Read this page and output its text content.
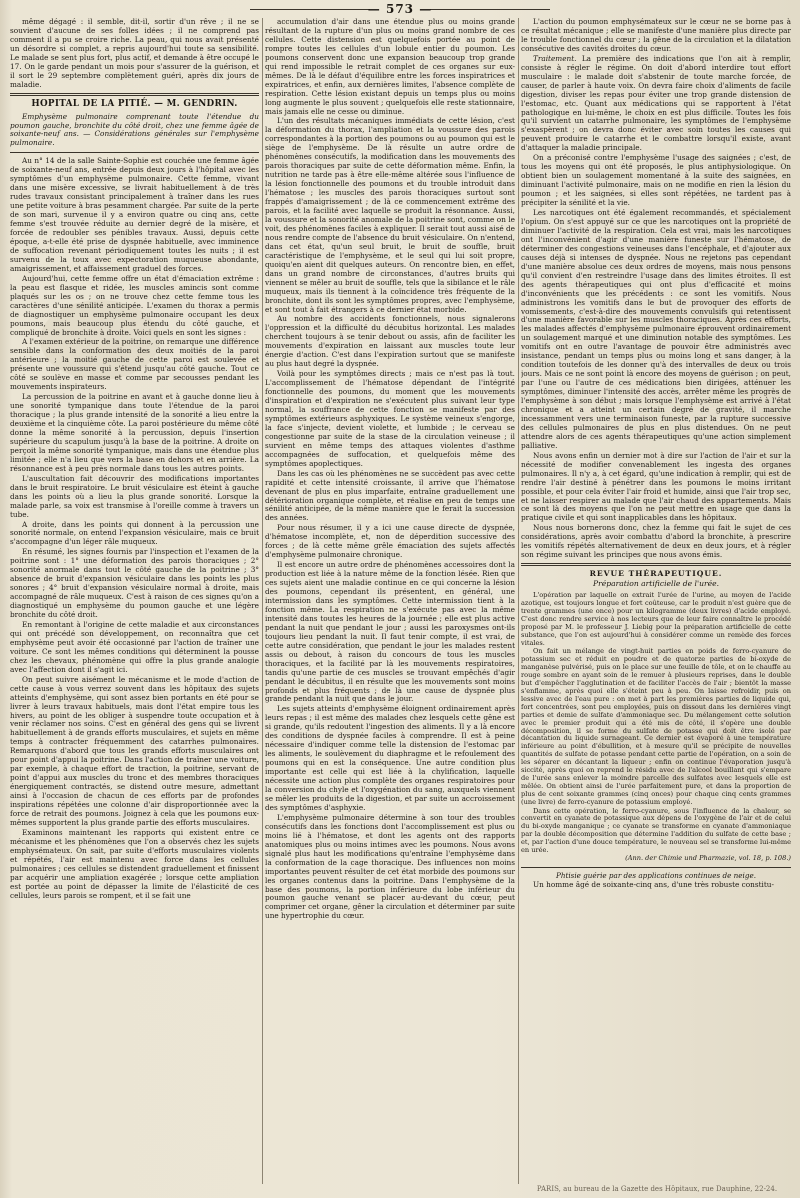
— 573 —

même dégagé : il semble, dit-il, sortir d'un rêve ; il ne se souvient d'aucune de ses folles idées ; il ne comprend pas comment il a pu se croire riche. La peau, qui nous avait présenté un désordre si complet, a repris aujourd'hui toute sa sensibilité. Le malade se sent plus fort, plus actif, et demande à être occupé le 17. On le garde pendant un mois pour s'assurer de la guérison, et il sort le 29 septembre complètement guéri, après dix jours de maladie.

HOPITAL DE LA PITIÉ. — M. GENDRIN.

Emphysème pulmonaire comprenant toute l'étendue du poumon gauche, bronchite du côté droit, chez une femme âgée de soixante-neuf ans. — Considérations générales sur l'emphysème pulmonaire.

Au n° 14 de la salle Sainte-Sophie est couchée une femme âgée de soixante-neuf ans, entrée depuis deux jours à l'hôpital avec les symptômes d'un emphysème pulmonaire. Cette femme, vivant dans une misère excessive, se livrait habituellement à de très rudes travaux consistant principalement à traîner dans les rues une petite voiture à bras pesamment chargée. Par suite de la perte de son mari, survenue il y a environ quatre ou cinq ans, cette femme s'est trouvée réduite au dernier degré de la misère, et forcée de redoubler ses pénibles travaux. Aussi, depuis cette époque, a-t-elle été prise de dyspnée habituelle, avec imminence de suffocation revenant périodiquement toutes les nuits ; il est survenu de la toux avec expectoration muqueuse abondante, amaigrissement, et affaissement graduel des forces.

Aujourd'hui, cette femme offre un état d'émaciation extrême : la peau est flasque et ridée, les muscles amincis sont comme plaqués sur les os ; on ne trouve chez cette femme tous les caractères d'une sénilité anticipée. L'examen du thorax a permis de diagnostiquer un emphysème pulmonaire occupant les deux poumons, mais beaucoup plus étendu du côté gauche, et compliqué de bronchite à droite. Voici quels en sont les signes :

A l'examen extérieur de la poitrine, on remarque une différence sensible dans la conformation des deux moitiés de la paroi antérieure ; la moitié gauche de cette paroi est soulevée et présente une voussure qui s'étend jusqu'au côté gauche. Tout ce côté se soulève en masse et comme par secousses pendant les mouvements inspirateurs.

La percussion de la poitrine en avant et à gauche donne lieu à une sonorité tympanique dans toute l'étendue de la paroi thoracique ; la plus grande intensité de la sonorité a lieu entre la deuxième et la cinquième côte. La paroi postérieure du même côté donne la même sonorité à la percussion, depuis l'insertion supérieure du scapulum jusqu'à la base de la poitrine. A droite on perçoit la même sonorité tympanique, mais dans une étendue plus limitée ; elle n'a lieu que vers la base en dehors et en arrière. La résonnance est à peu près normale dans tous les autres points.

L'auscultation fait découvrir des modifications importantes dans le bruit respiratoire. Le bruit vésiculaire est éteint à gauche dans les points où a lieu la plus grande sonorité. Lorsque la malade parle, sa voix est transmise à l'oreille comme à travers un tube.

A droite, dans les points qui donnent à la percussion une sonorité normale, on entend l'expansion vésiculaire, mais ce bruit s'accompagne d'un léger râle muqueux.

En résumé, les signes fournis par l'inspection et l'examen de la poitrine sont : 1° une déformation des parois thoraciques ; 2° sonorité anormale dans tout le côté gauche de la poitrine ; 3° absence de bruit d'expansion vésiculaire dans les points les plus sonores ; 4° bruit d'expansion vésiculaire normal à droite, mais accompagné de râle muqueux. C'est à raison de ces signes qu'on a diagnostiqué un emphysème du poumon gauche et une légère bronchite du côté droit.

En remontant à l'origine de cette maladie et aux circonstances qui ont précédé son développement, on reconnaîtra que cet emphysème peut avoir été occasionné par l'action de traîner une voiture. Ce sont les mêmes conditions qui déterminent la pousse chez les chevaux, phénomène qui offre la plus grande analogie avec l'affection dont il s'agit ici.

On peut suivre aisément le mécanisme et le mode d'action de cette cause à vous verrez souvent dans les hôpitaux des sujets atteints d'emphysème, qui sont assez bien portants en été pour se livrer à leurs travaux habituels, mais dont l'état empire tous les hivers, au point de les obliger à suspendre toute occupation et à venir réclamer nos soins. C'est en général des gens qui se livrent habituellement à de grands efforts musculaires, et sujets en même temps à contracter fréquemment des catarrhes pulmonaires. Remarquons d'abord que tous les grands efforts musculaires ont pour point d'appui la poitrine. Dans l'action de traîner une voiture, par exemple, à chaque effort de traction, la poitrine, servant de point d'appui aux muscles du tronc et des membres thoraciques énergiquement contractés, se distend outre mesure, admettant ainsi à l'occasion de chacun de ces efforts par de profondes inspirations répétées une colonne d'air disproportionnée avec la force de retrait des poumons. Joignez à cela que les poumons eux-mêmes supportent la plus grande partie des efforts musculaires.

Examinons maintenant les rapports qui existent entre ce mécanisme et les phénomènes que l'on a observés chez les sujets emphysémateux. On sait, par suite d'efforts musculaires violents et répétés, l'air est maintenu avec force dans les cellules pulmonaires ; ces cellules se distendent graduellement et finissent par acquérir une ampliation exagérée ; lorsque cette ampliation est portée au point de dépasser la limite de l'élasticité de ces cellules, leurs parois se rompent, et il se fait une

accumulation d'air dans une étendue plus ou moins grande résultant de la rupture d'un plus ou moins grand nombre de ces cellules. Cette distension est quelquefois portée au point de rompre toutes les cellules d'un lobule entier du poumon. Les poumons conservent donc une expansion beaucoup trop grande qui rend impossible le retrait complet de ces organes sur eux-mêmes. De là le défaut d'équilibre entre les forces inspiratrices et expiratrices, et enfin, aux dernières limites, l'absence complète de respiration. Cette lésion existant depuis un temps plus ou moins long augmente le plus souvent ; quelquefois elle reste stationnaire, mais jamais elle ne cesse ou diminue.

L'un des résultats mécaniques immédiats de cette lésion, c'est la déformation du thorax, l'ampliation et la voussure des parois correspondantes à la portion des poumons ou au poumon qui est le siège de l'emphysème. De là résulte un autre ordre de phénomènes consécutifs, la modification dans les mouvements des parois thoraciques par suite de cette déformation même. Enfin, la nutrition ne tarde pas à être elle-même altérée sous l'influence de la lésion fonctionnelle des poumons et du trouble introduit dans l'hématose ; les muscles des parois thoraciques surtout sont frappés d'amaigrissement ; de là ce commencement extrême des parois, et la facilité avec laquelle se produit la résonnance. Aussi, la voussure et la sonorité anomale de la poitrine sont, comme on le voit, des phénomènes faciles à expliquer. Il serait tout aussi aisé de nous rendre compte de l'absence du bruit vésiculaire. On n'entend, dans cet état, qu'un seul bruit, le bruit de souffle, bruit caractéristique de l'emphysème, et le seul qui lui soit propre, quoiqu'en aient dit quelques auteurs. On rencontre bien, en effet, dans un grand nombre de circonstances, d'autres bruits qui viennent se mêler au bruit de souffle, tels que la sibilance et le râle muqueux, mais ils tiennent à la coïncidence très fréquente de la bronchite, dont ils sont les symptômes propres, avec l'emphysème, et sont tout à fait étrangers à ce dernier état morbide.

Au nombre des accidents fonctionnels, nous signalerons l'oppression et la difficulté du décubitus horizontal. Les malades cherchent toujours à se tenir debout ou assis, afin de faciliter les mouvements d'expiration en laissant aux muscles toute leur énergie d'action. C'est dans l'expiration surtout que se manifeste au plus haut degré la dyspnée.

Voilà pour les symptômes directs ; mais ce n'est pas là tout. L'accomplissement de l'hématose dépendant de l'intégrité fonctionnelle des poumons, du moment que les mouvements d'inspiration et d'expiration ne s'exécutent plus suivant leur type normal, la souffrance de cette fonction se manifeste par des symptômes extérieurs asphyxiques. Le système veineux s'engorge, la face s'injecte, devient violette, et lumbide ; le cerveau se congestionne par suite de la stase de la circulation veineuse ; il survient en même temps des attaques violentes d'asthme accompagnées de suffocation, et quelquefois même des symptômes apoplectiques.

Dans les cas où les phénomènes ne se succèdent pas avec cette rapidité et cette intensité croissante, il arrive que l'hématose devenant de plus en plus imparfaite, entraîne graduellement une détérioration organique complète, et réalise en peu de temps une sénilité anticipée, de la même manière que le ferait la succession des années.

Pour nous résumer, il y a ici une cause directe de dyspnée, d'hématose incomplète, et, non de déperdition successive des forces ; de là cette même grêle émaciation des sujets affectés d'emphysème pulmonaire chronique.

Il est encore un autre ordre de phénomènes accessoires dont la production est liée à la nature même de la fonction lésée. Rien que ces sujets aient une maladie continue en ce qui concerne la lésion des poumons, cependant ils présentent, en général, une intermission dans les symptômes. Cette intermission tient à la fonction même. La respiration ne s'exécute pas avec la même intensité dans toutes les heures de la journée ; elle est plus active pendant la nuit que pendant le jour ; aussi les paroxysmes ont-ils toujours lieu pendant la nuit. Il faut tenir compte, il est vrai, de cette autre considération, que pendant le jour les malades restent assis ou debout, à raison du concours de tous les muscles thoraciques, et la facilité par là les mouvements respiratoires, tandis qu'une partie de ces muscles se trouvant empêchés d'agir pendant le décubitus, il en résulte que les mouvements sont moins profonds et plus fréquents ; de là une cause de dyspnée plus grande pendant la nuit que dans le jour.

Les sujets atteints d'emphysème éloignent ordinairement après leurs repas ; il est même des malades chez lesquels cette gêne est si grande, qu'ils redoutent l'ingestion des aliments. Il y a là encore des conditions de dyspnée faciles à comprendre. Il est à peine nécessaire d'indiquer comme telle la distension de l'estomac par les aliments, le soulèvement du diaphragme et le refoulement des poumons qui en est la conséquence. Une autre condition plus importante est celle qui est liée à la chylification, laquelle nécessite une action plus complète des organes respiratoires pour la conversion du chyle et l'oxygénation du sang, auxquels viennent se mêler les produits de la digestion, et par suite un accroissement des symptômes d'asphyxie.

L'emphysème pulmonaire détermine à son tour des troubles consécutifs dans les fonctions dont l'accomplissement est plus ou moins lié à l'hématose, et dont les agents ont des rapports anatomiques plus ou moins intimes avec les poumons. Nous avons signalé plus haut les modifications qu'entraîne l'emphysème dans la conformation de la cage thoracique. Des influences non moins importantes peuvent résulter de cet état morbide des poumons sur les organes contenus dans la poitrine. Dans l'emphysème de la base des poumons, la portion inférieure du lobe inférieur du poumon gauche venant se placer au-devant du cœur, peut comprimer cet organe, gêner la circulation et déterminer par suite une hypertrophie du cœur.

L'action du poumon emphysémateux sur le cœur ne se borne pas à ce résultat mécanique ; elle se manifeste d'une manière plus directe par le trouble fonctionnel du cœur ; la gêne de la circulation et la dilatation consécutive des cavités droites du cœur.

Traitement. La première des indications que l'on ait à remplir, consiste à régler le régime. On doit d'abord interdire tout effort musculaire : le malade doit s'abstenir de toute marche forcée, de causer, de parler à haute voix. On devra faire choix d'aliments de facile digestion, diviser les repas pour éviter une trop grande distension de l'estomac, etc. Quant aux médications qui se rapportent à l'état pathologique en lui-même, le choix en est plus difficile. Toutes les fois qu'il survient un catarrhe pulmonaire, les symptômes de l'emphysème s'exaspèrent ; on devra donc éviter avec soin toutes les causes qui peuvent produire le catarrhe et le combattre lorsqu'il existe, avant d'attaquer la maladie principale.

On a préconisé contre l'emphysème l'usage des saignées ; c'est, de tous les moyens qui ont été proposés, le plus antiphysiologique. On obtient bien un soulagement momentané à la suite des saignées, en diminuant l'activité pulmonaire, mais on ne modifie en rien la lésion du poumon ; et les saignées, si elles sont répétées, ne tardent pas à précipiter la sénilité et la vie.

Les narcotiques ont été également recommandés, et spécialement l'opium. On s'est appuyé sur ce que les narcotiques ont la propriété de diminuer l'activité de la respiration. Cela est vrai, mais les narcotiques ont l'inconvénient d'agir d'une manière funeste sur l'hématose, de déterminer des congestions veineuses dans l'encéphale, et d'ajouter aux causes déjà si intenses de dyspnée. Nous ne rejetons pas cependant d'une manière absolue ces deux ordres de moyens, mais nous pensons qu'il convient d'en restreindre l'usage dans des limites étroites. Il est des agents thérapeutiques qui ont plus d'efficacité et moins d'inconvénients que les précédents : ce sont les vomitifs. Nous administrons les vomitifs dans le but de provoquer des efforts de vomissements, c'est-à-dire des mouvements convulsifs qui retentissent d'une manière favorable sur les muscles thoraciques. Après ces efforts, les malades affectés d'emphysème pulmonaire éprouvent ordinairement un soulagement marqué et une diminution notable des symptômes. Les vomitifs ont en outre l'avantage de pouvoir être administrés avec insistance, pendant un temps plus ou moins long et sans danger, à la condition toutefois de les donner qu'à des intervalles de deux ou trois jours. Mais ce ne sont point là encore des moyens de guérison ; on peut, par l'une ou l'autre de ces médications bien dirigées, atténuer les symptômes, diminuer l'intensité des accès, arrêter même les progrès de l'emphysème à son début ; mais lorsque l'emphysème est arrivé à l'état chronique et a atteint un certain degré de gravité, il marche incessamment vers une terminaison funeste, par la rupture successive des cellules pulmonaires de plus en plus distendues. On ne peut attendre alors de ces agents thérapeutiques qu'une action simplement palliative.

Nous avons enfin un dernier mot à dire sur l'action de l'air et sur la nécessité de modifier convenablement les ingesta des organes pulmonaires. Il n'y a, à cet égard, qu'une indication à remplir, qui est de rendre l'air destiné à pénétrer dans les poumons le moins irritant possible, et pour cela éviter l'air froid et humide, ainsi que l'air trop sec, et ne laisser respirer au malade que l'air chaud des appartements. Mais ce sont là des moyens que l'on ne peut mettre en usage que dans la pratique civile et qui sont inapplicables dans les hôpitaux.

Nous nous bornerons donc, chez la femme qui fait le sujet de ces considérations, après avoir combattu d'abord la bronchite, à prescrire les vomitifs répétés alternativement de deux en deux jours, et à régler son régime suivant les principes que nous avons émis.

REVUE THÉRAPEUTIQUE.
Préparation artificielle de l'urée.

L'opération par laquelle on extrait l'urée de l'urine, au moyen de l'acide azotique, est toujours longue et fort coûteuse, car le produit n'est guère que de trente grammes (une once) pour un kilogramme (deux livres) d'acide employé. C'est donc rendre service à nos lecteurs que de leur faire connaître le procédé proposé par M. le professeur J. Liebig pour la préparation artificielle de cette substance, que l'on est aujourd'hui à considérer comme un remède des forces vitales.

On fait un mélange de vingt-huit parties en poids de ferro-cyanure de potassium sec et réduit en poudre et de quatorze parties de bi-oxyde de manganèse pulvérisé, puis on le place sur une feuille de tôle, et on le chauffe au rouge sombre en ayant soin de le remuer à plusieurs reprises, dans le double but d'empêcher l'agglutination et de faciliter l'accès de l'air ; bientôt la masse s'enflamme, après quoi elle s'éteint peu à peu. On laisse refroidir, puis on lessive avec de l'eau pure : on met à part les premières parties de liquide qui, fort concentrées, sont peu employées, puis on dissout dans les dernières vingt parties et demie de sulfate d'ammoniaque sec. Du mélangement cette solution avec le premier produit qui a été mis de côté, il s'opère une double décomposition, il se forme du sulfate de potasse qui doit être isolé par décantation du liquide surnageant. Ce dernier est évaporé à une température inférieure au point d'ébullition, et à mesure qu'il se précipite de nouvelles quantités de sulfate de potasse pendant cette partie de l'opération, on a soin de les séparer en décantant la liqueur ; enfin on continue l'évaporation jusqu'à siccité, après quoi on reprend le résidu avec de l'alcool bouillant qui s'empare de l'urée sans enlever la moindre parcelle des sulfates avec lesquels elle est mêlée. On obtient ainsi de l'urée parfaitement pure, et dans la proportion de plus de cent soixante grammes (cinq onces) pour chaque cinq cents grammes (une livre) de ferro-cyanure de potassium employé.

Dans cette opération, le ferro-cyanure, sous l'influence de la chaleur, se convertit en cyanate de potassique aux dépens de l'oxygène de l'air et de celui du bi-oxyde manganique ; ce cyanate se transforme en cyanate d'ammoniaque par la double décomposition que détermine l'addition du sulfate de cette base ; et, par l'action d'une douce température, le nouveau sel se transforme lui-même en urée.

(Ann. der Chimie und Pharmazie, vol. 18, p. 108.)
Phtisie guérie par des applications continues de neige.

Un homme âgé de soixante-cinq ans, d'une très robuste constitu-

PARIS, au bureau de la Gazette des Hôpitaux, rue Dauphine, 22-24.
